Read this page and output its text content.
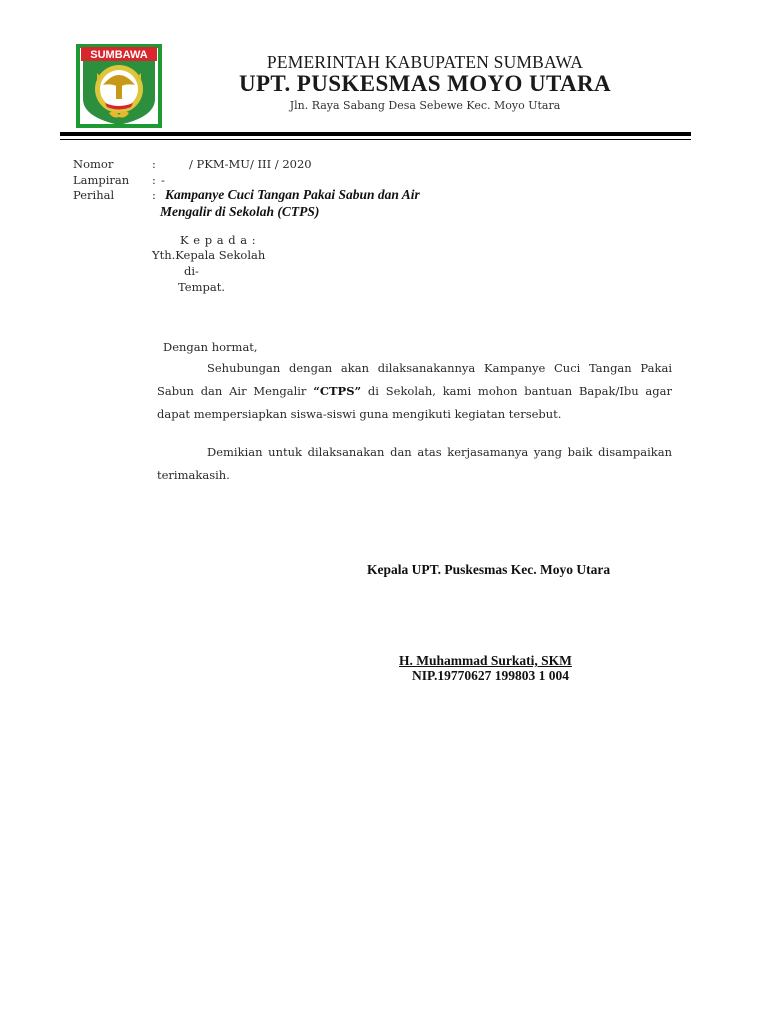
SUMBAWA	PEMERINTAH KABUPATEN SUMBAWA
UPT. PUSKESMAS MOYO UTARA
Jln. Raya Sabang Desa Sebewe Kec. Moyo Utara
Nomor	:	/ PKM-MU/ III / 2020
Lampiran : -
Perihal	: Kampanye Cuci Tangan Pakai Sabun dan Air
Mengalir di Sekolah (CTPS)
K e p a d a :
Yth.Kepala Sekolah
di-
Tempat.
Dengan hormat,
Sehubungan dengan akan dilaksanakannya Kampanye Cuci Tangan Pakai Sabun dan Air Mengalir “CTPS” di Sekolah, kami mohon bantuan Bapak/Ibu agar dapat mempersiapkan siswa-siswi guna mengikuti kegiatan tersebut.
Demikian untuk dilaksanakan dan atas kerjasamanya yang baik disampaikan terimakasih.
Kepala UPT. Puskesmas Kec. Moyo Utara
H. Muhammad Surkati, SKM
NIP.19770627 199803 1 004
